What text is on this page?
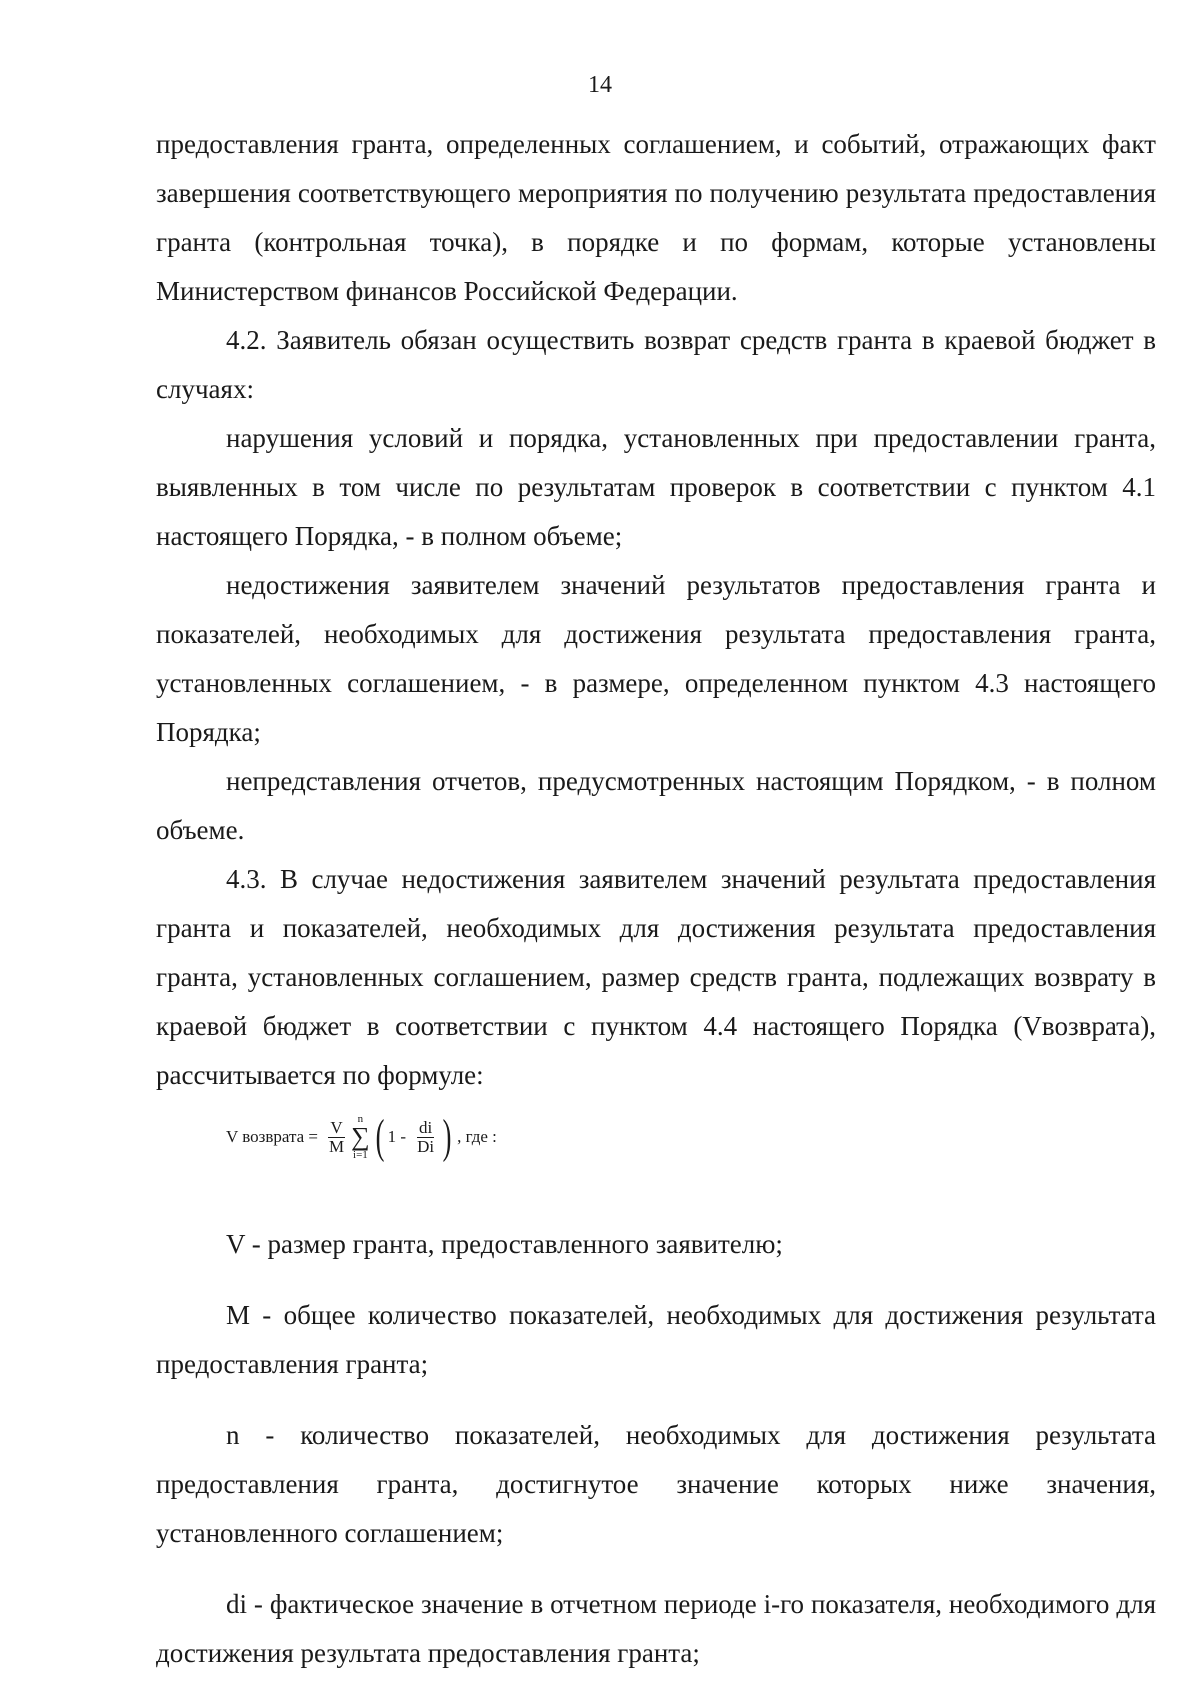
14

предоставления гранта, определенных соглашением, и событий, отражающих факт завершения соответствующего мероприятия по получению результата предоставления гранта (контрольная точка), в порядке и по формам, которые установлены Министерством финансов Российской Федерации.

4.2. Заявитель обязан осуществить возврат средств гранта в краевой бюджет в случаях:

нарушения условий и порядка, установленных при предоставлении гранта, выявленных в том числе по результатам проверок в соответствии с пунктом 4.1 настоящего Порядка, - в полном объеме;

недостижения заявителем значений результатов предоставления гранта и показателей, необходимых для достижения результата предоставления гранта, установленных соглашением, - в размере, определенном пунктом 4.3 настоящего Порядка;

непредставления отчетов, предусмотренных настоящим Порядком, - в полном объеме.

4.3. В случае недостижения заявителем значений результата предоставления гранта и показателей, необходимых для достижения результата предоставления гранта, установленных соглашением, размер средств гранта, подлежащих возврату в краевой бюджет в соответствии с пунктом 4.4 настоящего Порядка (Vвозврата), рассчитывается по формуле:

V возврата = $\frac{V}{M}$ n
∑
i=1 ( $1 - \frac{di}{Di}$ ) , где :

V - размер гранта, предоставленного заявителю;

М - общее количество показателей, необходимых для достижения результата предоставления гранта;

n - количество показателей, необходимых для достижения результата предоставления гранта, достигнутое значение которых ниже значения, установленного соглашением;

di - фактическое значение в отчетном периоде i-го показателя, необходимого для достижения результата предоставления гранта;
